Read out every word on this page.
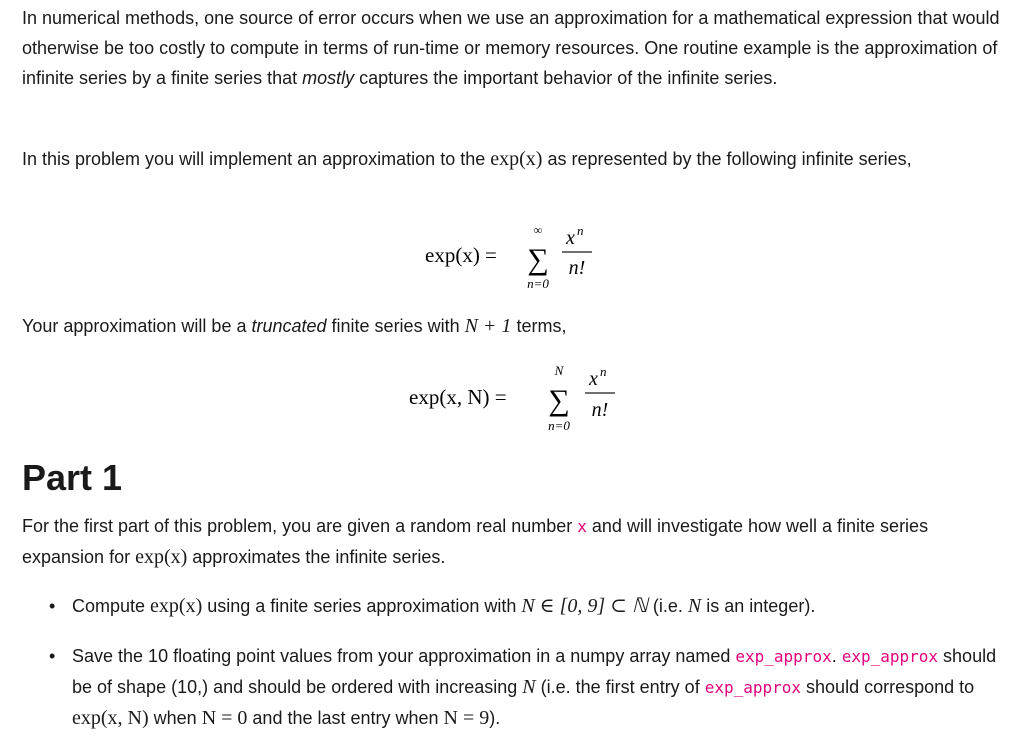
In numerical methods, one source of error occurs when we use an approximation for a mathematical expression that would otherwise be too costly to compute in terms of run-time or memory resources. One routine example is the approximation of infinite series by a finite series that mostly captures the important behavior of the infinite series.

In this problem you will implement an approximation to the exp(x) as represented by the following infinite series,

exp(x) =
∞
∑
n=0
x n
n!

Your approximation will be a truncated finite series with N + 1 terms,

exp(x, N) =
N
∑
n=0
x n
n!
Part 1

For the first part of this problem, you are given a random real number x and will investigate how well a finite series expansion for exp(x) approximates the infinite series.

• Compute exp(x) using a finite series approximation with N ∈ [0, 9] ⊂ ℕ (i.e. N is an integer).
• Save the 10 floating point values from your approximation in a numpy array named exp_approx. exp_approx should be of shape (10,) and should be ordered with increasing N (i.e. the first entry of exp_approx should correspond to exp(x, N) when N = 0 and the last entry when N = 9).
